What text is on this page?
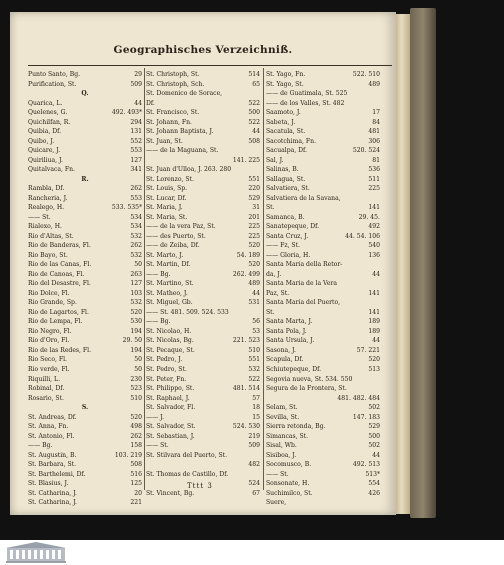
Geographisches Verzeichniß.
Punto Santo, Bg.	29
Purification, St.	509
Q.
Quarica, L.	44
Quelenes, G.	492. 493*
Quichilfan, R.	294
Quibia, Df.	131
Quibo, J.	552
Quicare, J.	553
Quiriliua, J.	127
Quitalvaca, Fn.	341
R.
Rambla, Df.	262
Rancheria, J.	553
Realego, H.	533. 535*
—— St.	534
Rialexo, H.	534
Rio d'Altas, St.	532
Rio de Banderas, Fl.	262
Rio Bayo, St.	532
Rio de las Canas, Fl.	50
Rio de Canoas, Fl.	263
Rio del Desastre, Fl.	127
Rio Dolce, Fl.	103
Rio Grande, Sp.	532
Rio de Lagartos, Fl.	520
Rio de Lempa, Fl.	530
Rio Negro, Fl.	194
Rio d'Oro, Fl.	29. 50
Rio de las Redes, Fl.	194
Rio Seco, Fl.	50
Rio verde, Fl.	50
Riquilli, L.	230
Robinal, Df.	523
Rosario, St.	510
S.
St. Andreas, Df.	520
St. Anna, Fn.	498
St. Antonio, Fl.	262
—— Bg.	158
St. Augustin, B.	103. 219
St. Barbara, St.	508
St. Barthelemi, Df.	516
St. Blasius, J.	125
St. Catharina, J.	20
St. Catharina, J.	221
St. Christoph, St.	514
St. Christoph, Sch.	65
St. Domenico de Sorace,
Df.	522
St. Francisco, St.	500
St. Johann, Fn.	522
St. Johann Baptista, J.	44
St. Juan, St.	508
—— de la Maguana, St.
141. 225
St. Juan d'Ulloa, J. 263. 280
St. Lorenzo, St.	551
St. Louis, Sp.	220
St. Lucar, Df.	529
St. Maria, J.	31
St. Maria, St.	201
—— de la vera Paz, St.	225
—— des Puerto, St.	225
—— de Zeiba, Df.	520
St. Marto, J.	54. 189
St. Martin, Df.	520
—— Bg.	262. 499
St. Martino, St.	489
St. Matheo, J.	44
St. Miguel, Gb.	531
—— St. 481. 509. 524. 533
—— Bg.	56
St. Nicolao, H.	53
St. Nicolas, Bg.	221. 523
St. Pecaque, St.	510
St. Pedro, J.	551
St. Pedro, St.	532
St. Peter, Fn.	522
St. Philippo, St.	481. 514
St. Raphael, J.	57
St. Salvador, Fl.	18
—— J.	15
St. Salvador, St.	524. 530
St. Sebastian, J.	219
—— St.	509
St. Stilvara del Puerto, St.
482
St. Thomas de Castillo, Df.
524
St. Vincent, Bg.	67
St. Yago, Fn.	522. 510
St. Yago, St.	489
—— de Guatimala, St. 525
—— de los Valles, St. 482
Saamoto, J.	17
Sabeta, J.	84
Sacatula, St.	481
Sacotchima, Fn.	306
Sacualpa, Df.	520. 524
Sal, J.	81
Salinas, B.	536
Sallagua, St.	511
Salvatiera, St.	225
Salvatiera de la Savana,
St.	141
Samanca, B.	29. 45.
Sanatepeque, Df.	492
Santa Cruz, J.	44. 54. 106
—— Fz, St.	540
—— Gloria, H.	136
Santa Maria della Retor-
da, J.	44
Santa Maria de la Vera
Paz, St.	141
Santa Maria del Puerto,
St.	141
Santa Marta, J.	189
Santa Pola, J.	189
Santa Ursula, J.	44
Sasona, J.	57. 221
Scapula, Df.	520
Schiutepeque, Df.	513
Segovia nueva, St. 534. 550
Segura de la Frontera, St.
481. 482. 484
Selam, St.	502
Sevilla, St.	147. 183
Sierra retonda, Bg.	529
Simancas, St.	500
Sisal, Wb.	502
Sisiboa, J.	44
Socomusco, B.	492. 513
—— St.	513*
Sonsonate, H.	554
Suchimilco, St.	426
Suere,
Tttt 3
